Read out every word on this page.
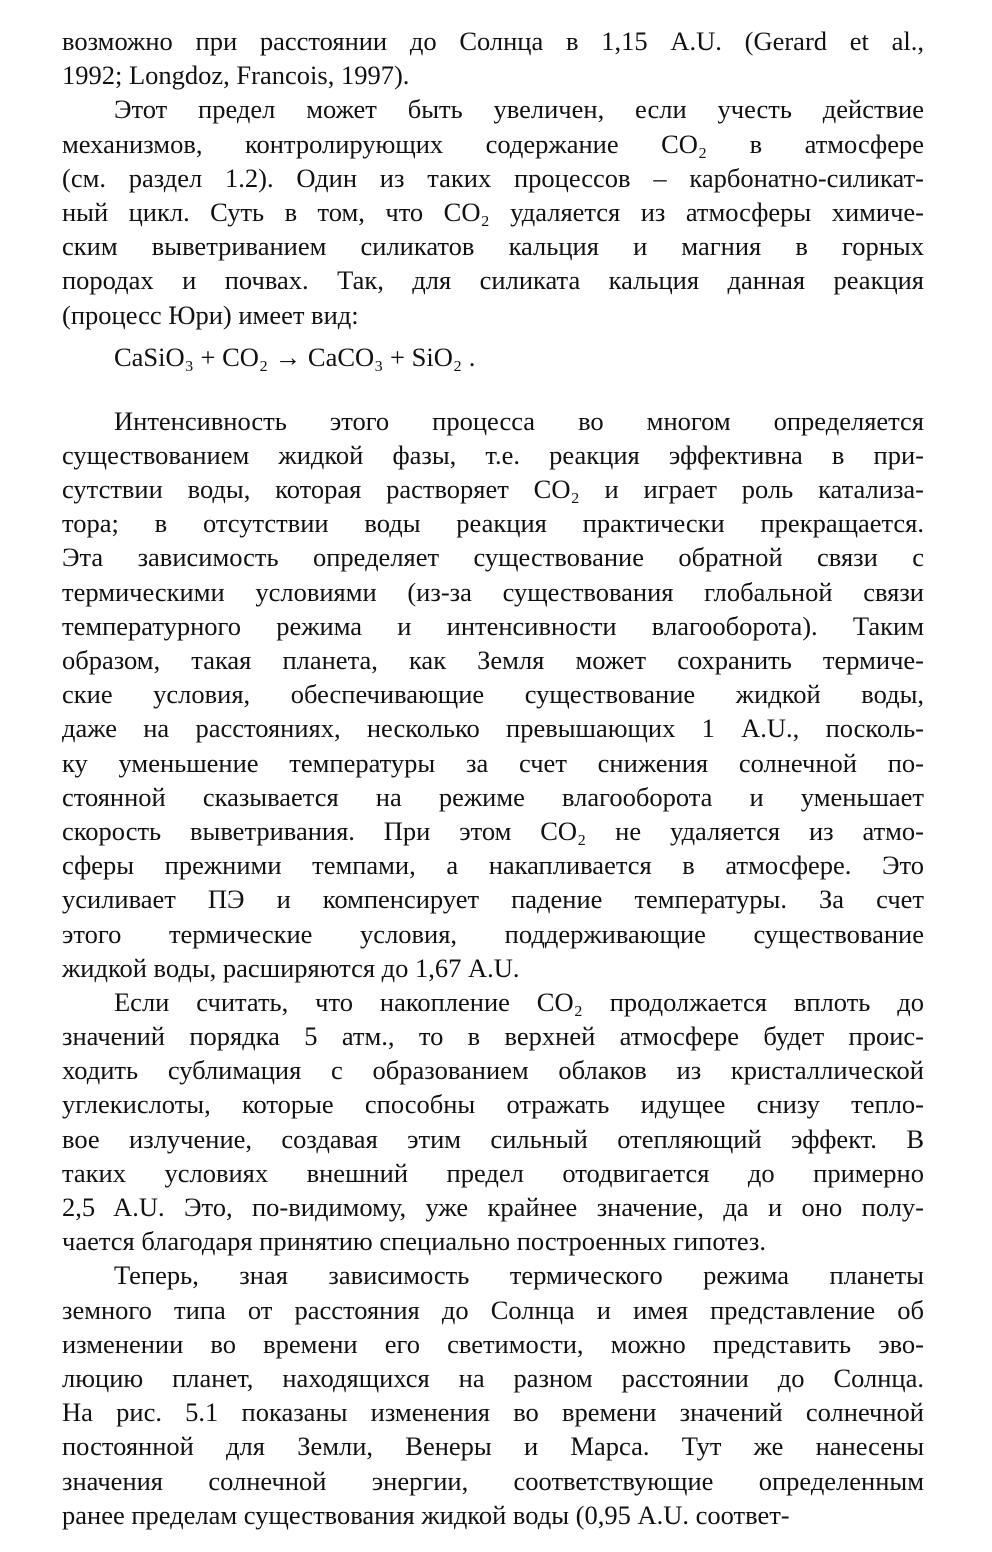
возможно при расстоянии до Солнца в 1,15 A.U. (Gerard et al.,
1992; Longdoz, Francois, 1997).
Этот предел может быть увеличен, если учесть действие
механизмов, контролирующих содержание CO₂ в атмосфере
(см. раздел 1.2). Один из таких процессов – карбонатно-силикат-
ный цикл. Суть в том, что CO₂ удаляется из атмосферы химиче-
ским выветриванием силикатов кальция и магния в горных
породах и почвах. Так, для силиката кальция данная реакция
(процесс Юри) имеет вид:
CaSiO₃ + CO₂ → CaCO₃ + SiO₂ .
Интенсивность этого процесса во многом определяется
существованием жидкой фазы, т.е. реакция эффективна в при-
сутствии воды, которая растворяет CO₂ и играет роль катализа-
тора; в отсутствии воды реакция практически прекращается.
Эта зависимость определяет существование обратной связи с
термическими условиями (из-за существования глобальной связи
температурного режима и интенсивности влагооборота). Таким
образом, такая планета, как Земля может сохранить термиче-
ские условия, обеспечивающие существование жидкой воды,
даже на расстояниях, несколько превышающих 1 A.U., посколь-
ку уменьшение температуры за счет снижения солнечной по-
стоянной сказывается на режиме влагооборота и уменьшает
скорость выветривания. При этом CO₂ не удаляется из атмо-
сферы прежними темпами, а накапливается в атмосфере. Это
усиливает ПЭ и компенсирует падение температуры. За счет
этого термические условия, поддерживающие существование
жидкой воды, расширяются до 1,67 A.U.
Если считать, что накопление CO₂ продолжается вплоть до
значений порядка 5 атм., то в верхней атмосфере будет проис-
ходить сублимация с образованием облаков из кристаллической
углекислоты, которые способны отражать идущее снизу тепло-
вое излучение, создавая этим сильный отепляющий эффект. В
таких условиях внешний предел отодвигается до примерно
2,5 A.U. Это, по-видимому, уже крайнее значение, да и оно полу-
чается благодаря принятию специально построенных гипотез.
Теперь, зная зависимость термического режима планеты
земного типа от расстояния до Солнца и имея представление об
изменении во времени его светимости, можно представить эво-
люцию планет, находящихся на разном расстоянии до Солнца.
На рис. 5.1 показаны изменения во времени значений солнечной
постоянной для Земли, Венеры и Марса. Тут же нанесены
значения солнечной энергии, соответствующие определенным
ранее пределам существования жидкой воды (0,95 A.U. соответ-
